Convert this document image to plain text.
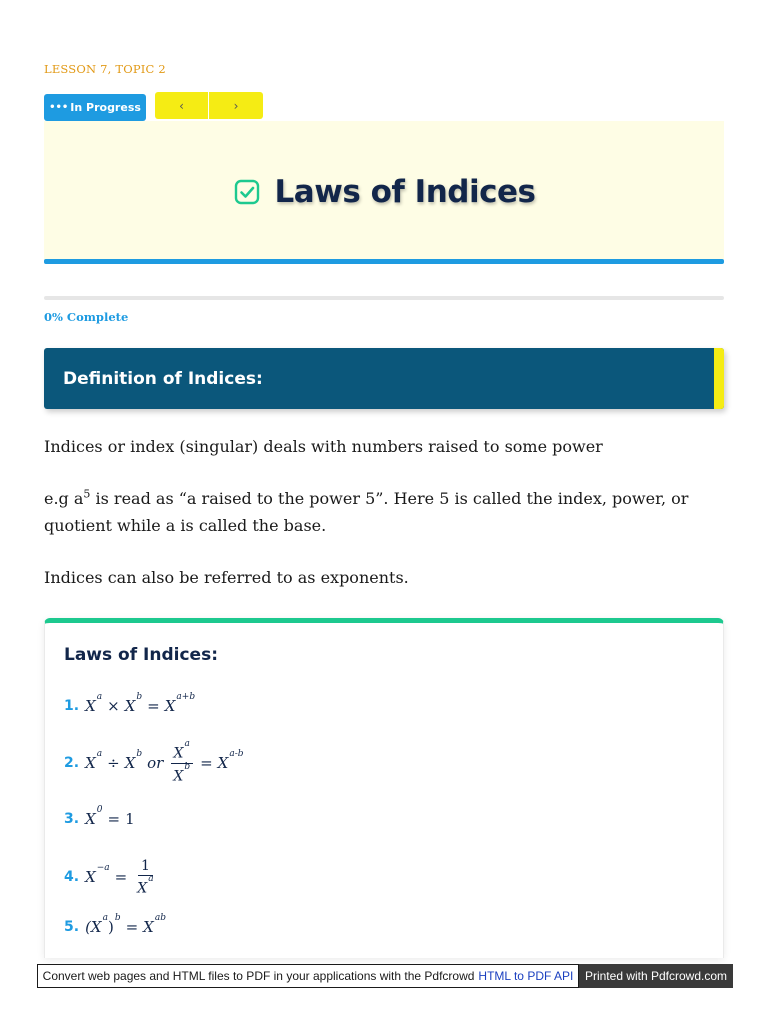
LESSON 7, TOPIC 2
••• In Progress	‹	›
Laws of Indices
0% Complete
Definition of Indices:

Indices or index (singular) deals with numbers raised to some power

e.g $a^5$ is read as “a raised to the power 5”. Here 5 is called the index, power, or quotient while a is called the base.

Indices can also be referred to as exponents.

Laws of Indices:
1. $X^a \times X^b = X^{a+b}$
2. $X^a \div X^b$ or $\frac{X^a}{X^b} = X^{a-b}$
3. $X^0 = 1$
4. $X^{-a} = \frac{1}{X^a}$
5. $(X^a)^b = X^{ab}$
Convert web pages and HTML files to PDF in your applications with the Pdfcrowd HTML to PDF API Printed with Pdfcrowd.com
